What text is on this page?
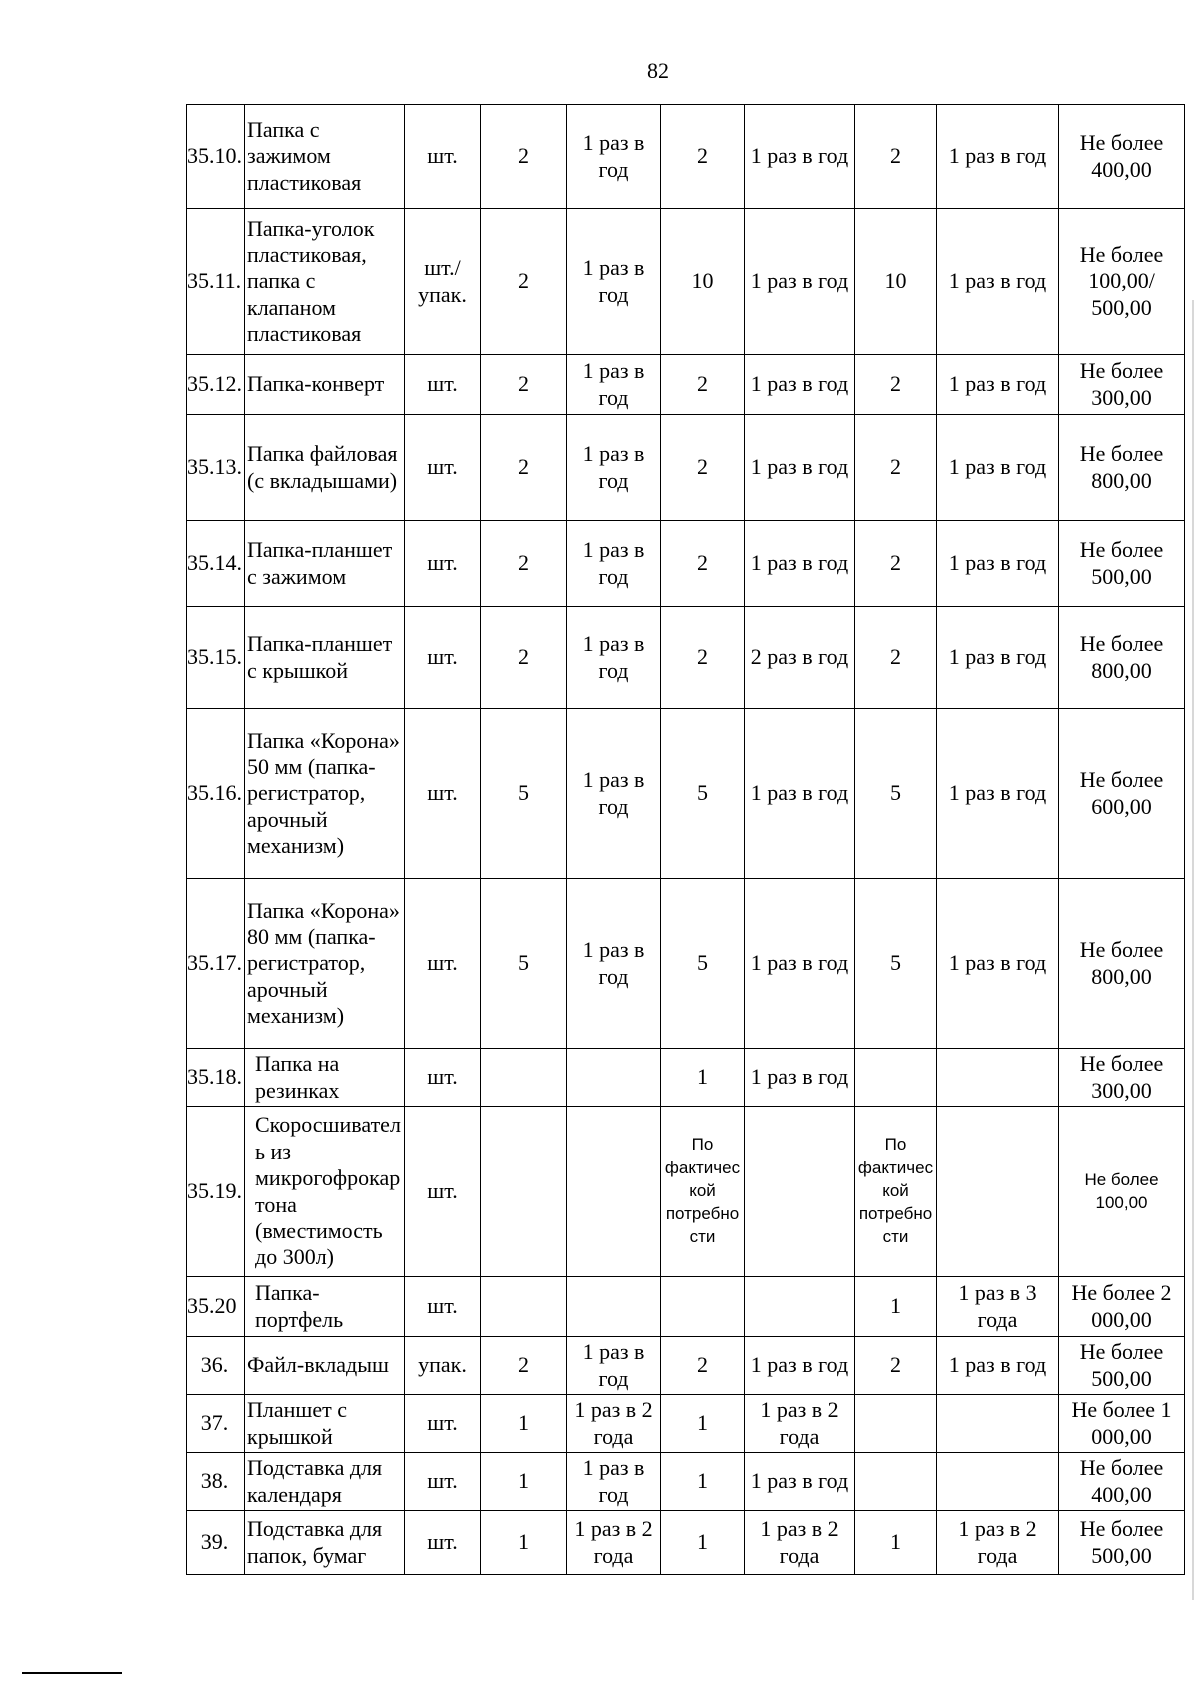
82
35.10.	Папка с зажимом пластиковая	шт.	2	1 раз в год	2	1 раз в год	2	1 раз в год	Не более 400,00
35.11.	Папка-уголок пластиковая, папка с клапаном пластиковая	шт./ упак.	2	1 раз в год	10	1 раз в год	10	1 раз в год	Не более 100,00/ 500,00
35.12.	Папка-конверт	шт.	2	1 раз в год	2	1 раз в год	2	1 раз в год	Не более 300,00
35.13.	Папка файловая (с вкладышами)	шт.	2	1 раз в год	2	1 раз в год	2	1 раз в год	Не более 800,00
35.14.	Папка-планшет с зажимом	шт.	2	1 раз в год	2	1 раз в год	2	1 раз в год	Не более 500,00
35.15.	Папка-планшет с крышкой	шт.	2	1 раз в год	2	2 раз в год	2	1 раз в год	Не более 800,00
35.16.	Папка «Корона» 50 мм (папка-регистратор, арочный механизм)	шт.	5	1 раз в год	5	1 раз в год	5	1 раз в год	Не более 600,00
35.17.	Папка «Корона» 80 мм (папка-регистратор, арочный механизм)	шт.	5	1 раз в год	5	1 раз в год	5	1 раз в год	Не более 800,00
35.18.	Папка на резинках	шт.			1	1 раз в год			Не более 300,00
35.19.	Скоросшиватель из микрогофрокартона (вместимость до 300л)	шт.			По фактической потребности		По фактической потребности		Не более 100,00
35.20	Папка-портфель	шт.					1	1 раз в 3 года	Не более 2 000,00
36.	Файл-вкладыш	упак.	2	1 раз в год	2	1 раз в год	2	1 раз в год	Не более 500,00
37.	Планшет с крышкой	шт.	1	1 раз в 2 года	1	1 раз в 2 года			Не более 1 000,00
38.	Подставка для календаря	шт.	1	1 раз в год	1	1 раз в год			Не более 400,00
39.	Подставка для папок, бумаг	шт.	1	1 раз в 2 года	1	1 раз в 2 года	1	1 раз в 2 года	Не более 500,00
